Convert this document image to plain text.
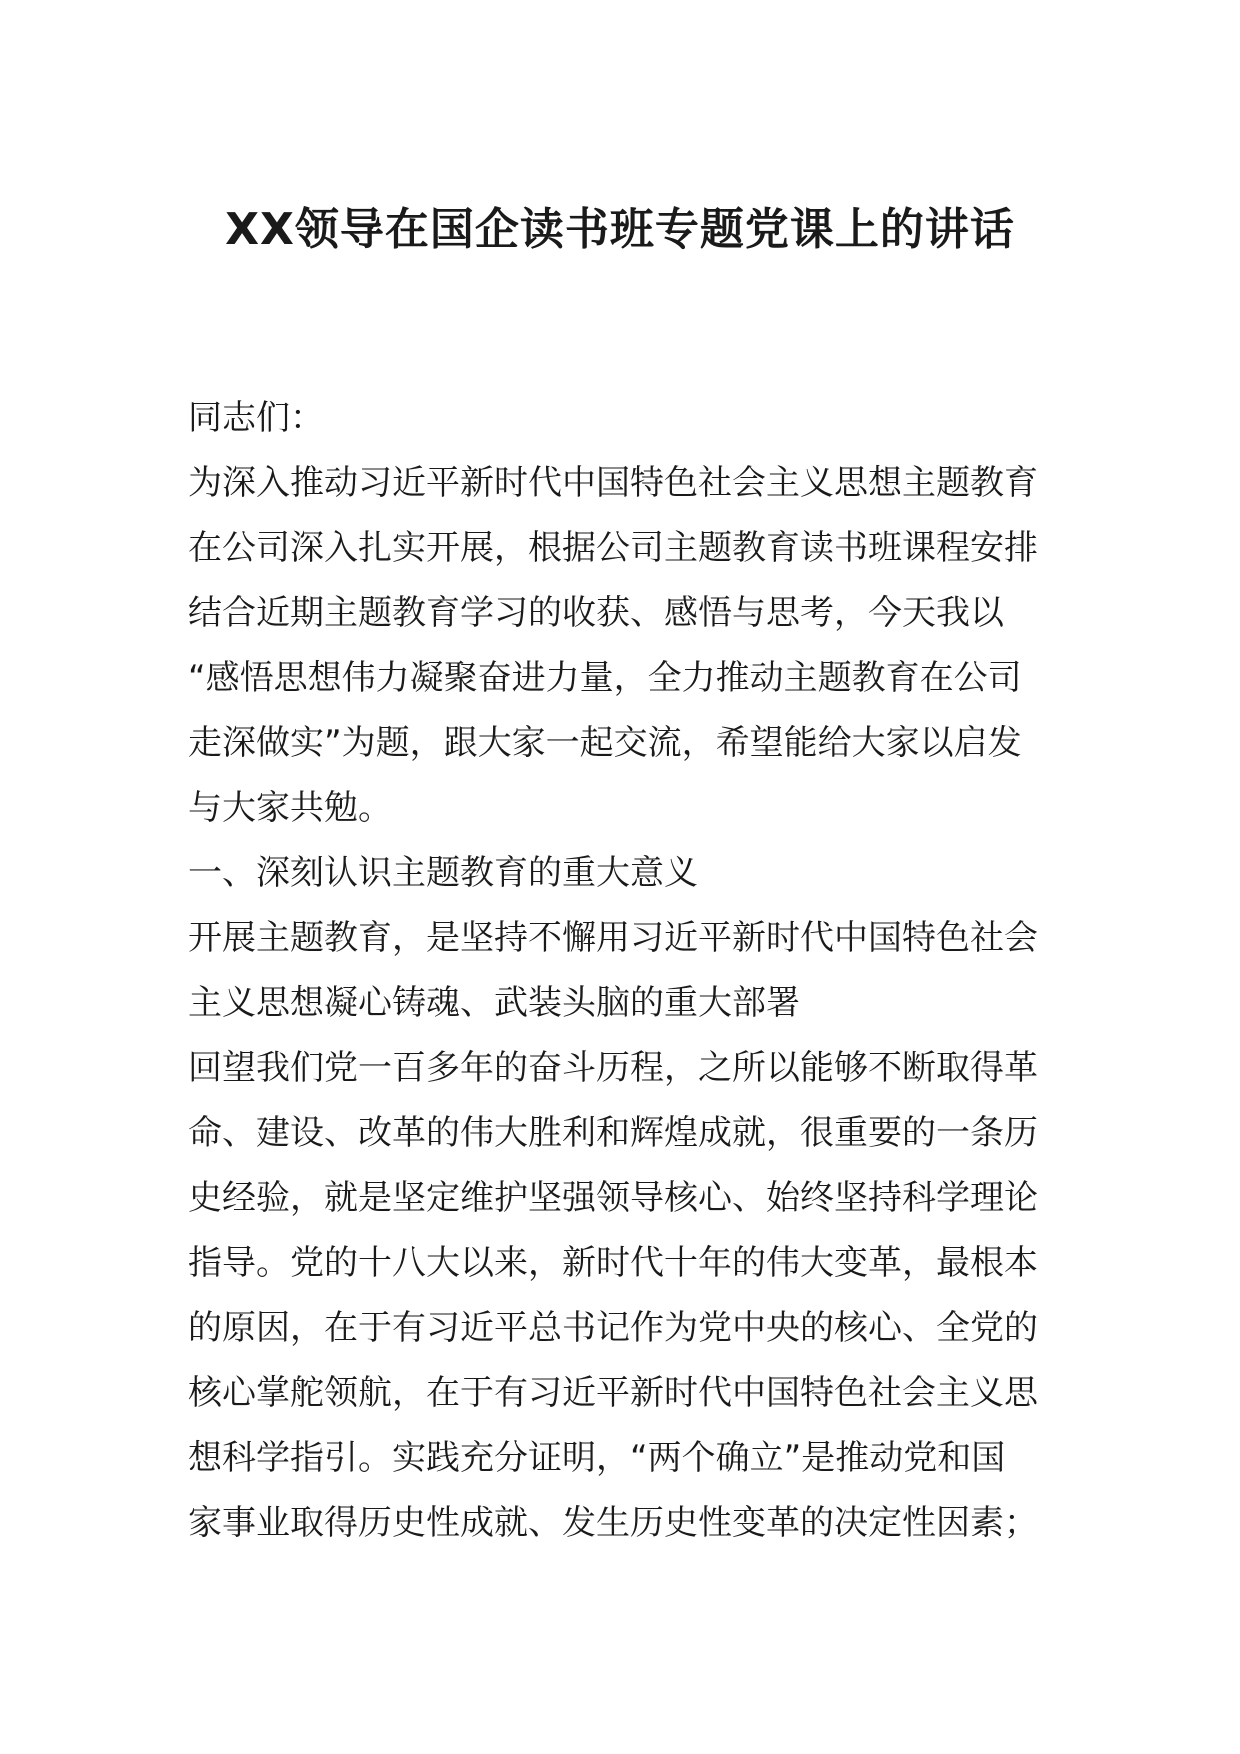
XX领导在国企读书班专题党课上的讲话
同志们：
为深入推动习近平新时代中国特色社会主义思想主题教育
在公司深入扎实开展，根据公司主题教育读书班课程安排
结合近期主题教育学习的收获、感悟与思考，今天我以
“感悟思想伟力凝聚奋进力量，全力推动主题教育在公司
走深做实”为题，跟大家一起交流，希望能给大家以启发
与大家共勉。
一、深刻认识主题教育的重大意义
开展主题教育，是坚持不懈用习近平新时代中国特色社会
主义思想凝心铸魂、武装头脑的重大部署
回望我们党一百多年的奋斗历程，之所以能够不断取得革
命、建设、改革的伟大胜利和辉煌成就，很重要的一条历
史经验，就是坚定维护坚强领导核心、始终坚持科学理论
指导。党的十八大以来，新时代十年的伟大变革，最根本
的原因，在于有习近平总书记作为党中央的核心、全党的
核心掌舵领航，在于有习近平新时代中国特色社会主义思
想科学指引。实践充分证明，“两个确立”是推动党和国
家事业取得历史性成就、发生历史性变革的决定性因素；
